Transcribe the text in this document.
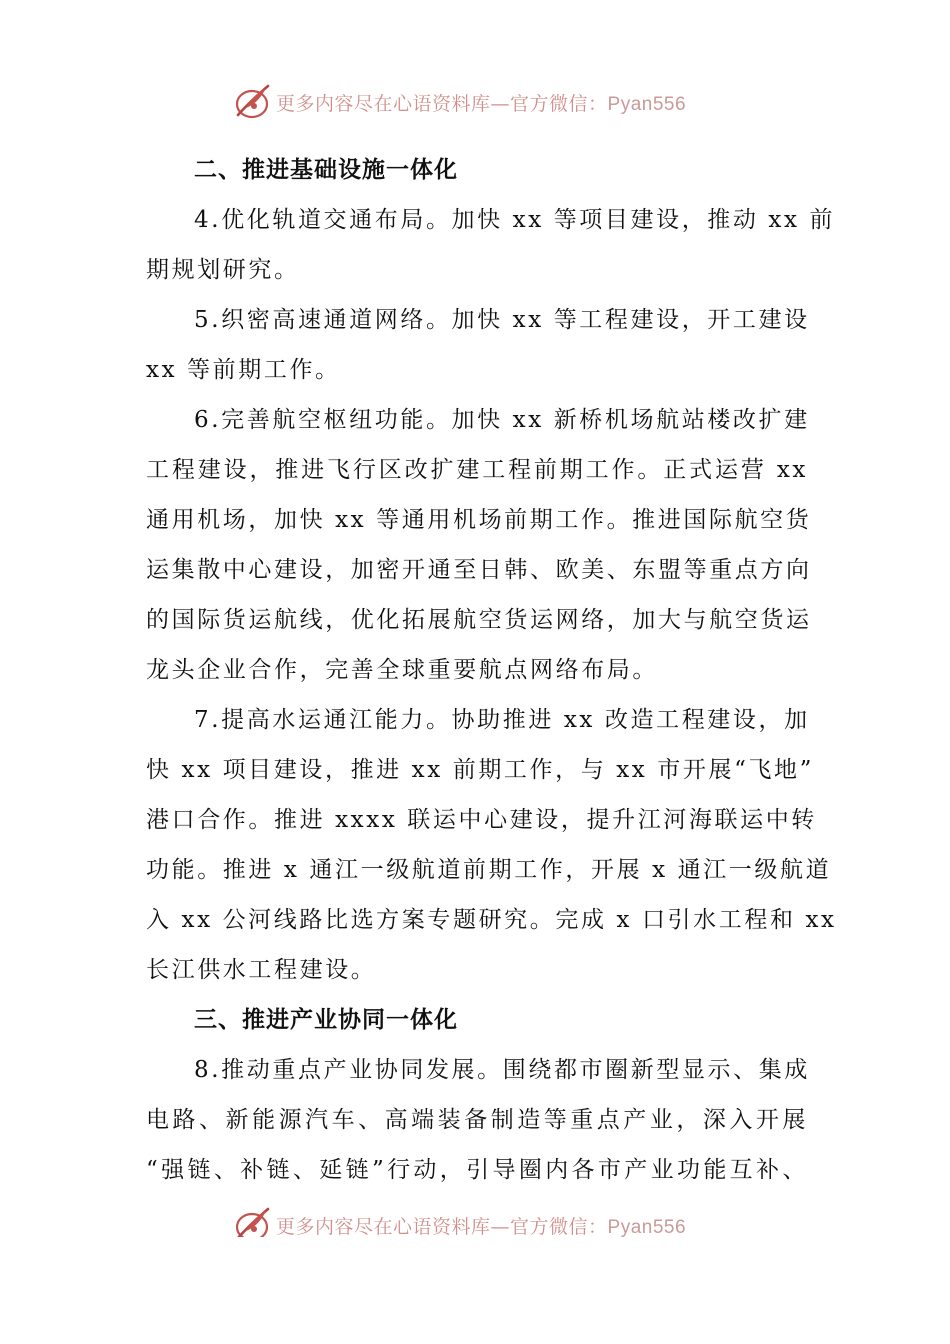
更多内容尽在心语资料库—官方微信：Pyan556
二、推进基础设施一体化
4.优化轨道交通布局。加快 xx 等项目建设，推动 xx 前
期规划研究。
5.织密高速通道网络。加快 xx 等工程建设，开工建设
xx 等前期工作。
6.完善航空枢纽功能。加快 xx 新桥机场航站楼改扩建
工程建设，推进飞行区改扩建工程前期工作。正式运营 xx
通用机场，加快 xx 等通用机场前期工作。推进国际航空货
运集散中心建设，加密开通至日韩、欧美、东盟等重点方向
的国际货运航线，优化拓展航空货运网络，加大与航空货运
龙头企业合作，完善全球重要航点网络布局。
7.提高水运通江能力。协助推进 xx 改造工程建设，加
快 xx 项目建设，推进 xx 前期工作，与 xx 市开展“飞地”
港口合作。推进 xxxx 联运中心建设，提升江河海联运中转
功能。推进 x 通江一级航道前期工作，开展 x 通江一级航道
入 xx 公河线路比选方案专题研究。完成 x 口引水工程和 xx
长江供水工程建设。
三、推进产业协同一体化
8.推动重点产业协同发展。围绕都市圈新型显示、集成
电路、新能源汽车、高端装备制造等重点产业，深入开展
“强链、补链、延链”行动，引导圈内各市产业功能互补、
更多内容尽在心语资料库—官方微信：Pyan556
